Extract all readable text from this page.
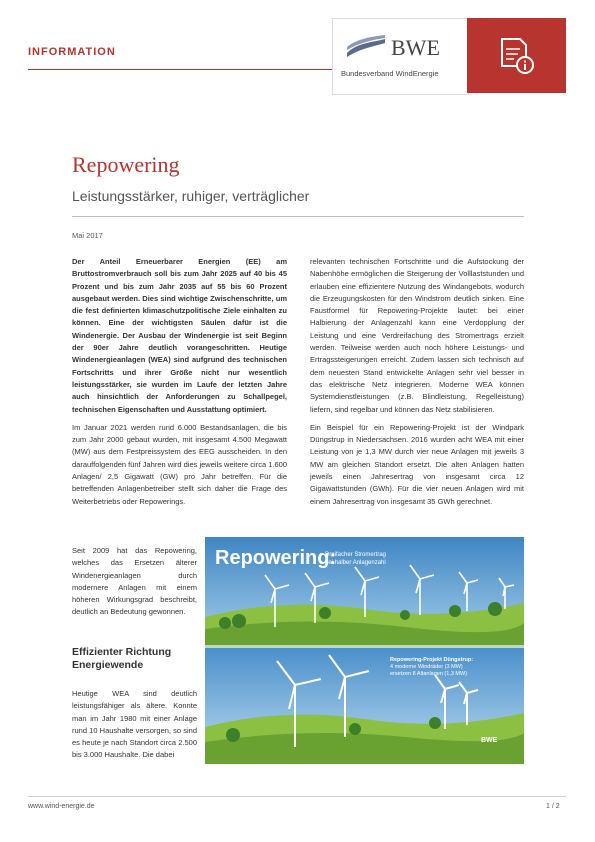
INFORMATION	BWE
Bundesverband WindEnergie
Repowering
Leistungsstärker, ruhiger, verträglicher
Mai 2017

Der Anteil Erneuerbarer Energien (EE) am Bruttostromverbrauch soll bis zum Jahr 2025 auf 40 bis 45 Prozent und bis zum Jahr 2035 auf 55 bis 60 Prozent ausgebaut werden. Dies sind wichtige Zwischenschritte, um die fest definierten klimaschutzpolitische Ziele einhalten zu können. Eine der wichtigsten Säulen dafür ist die Windenergie. Der Ausbau der Windenergie ist seit Beginn der 90er Jahre deutlich vorangeschritten. Heutige Windenergieanlagen (WEA) sind aufgrund des technischen Fortschritts und ihrer Größe nicht nur wesentlich leistungsstärker, sie wurden im Laufe der letzten Jahre auch hinsichtlich der Anforderungen zu Schallpegel, technischen Eigenschaften und Ausstattung optimiert.

Im Januar 2021 werden rund 6.000 Bestandsanlagen, die bis zum Jahr 2000 gebaut wurden, mit insgesamt 4.500 Megawatt (MW) aus dem Festpreissystem des EEG ausscheiden. In den darauffolgenden fünf Jahren wird dies jeweils weitere circa 1.600 Anlagen/ 2,5 Gigawatt (GW) pro Jahr betreffen. Für die betreffenden Anlagenbetreiber stellt sich daher die Frage des Weiterbetriebs oder Repowerings.

Seit 2009 hat das Repowering, welches das Ersetzen älterer Windenergieanlagen durch modernere Anlagen mit einem höheren Wirkungsgrad beschreibt, deutlich an Bedeutung gewonnen.

Effizienter Richtung Energiewende

Heutige WEA sind deutlich leistungsfähiger als ältere. Konnte man im Jahr 1980 mit einer Anlage rund 10 Haushalte versorgen, so sind es heute je nach Standort circa 2.500 bis 3.000 Haushalte. Die dabei

relevanten technischen Fortschritte und die Aufstockung der Nabenhöhe ermöglichen die Steigerung der Volllaststunden und erlauben eine effizientere Nutzung des Windangebots, wodurch die Erzeugungskosten für den Windstrom deutlich sinken. Eine Faustformel für Repowering-Projekte lautet: bei einer Halbierung der Anlagenzahl kann eine Verdopplung der Leistung und eine Verdreifachung des Stromertrags erzielt werden. Teilweise werden auch noch höhere Leistungs- und Ertragssteigerungen erreicht. Zudem lassen sich technisch auf dem neuesten Stand entwickelte Anlagen sehr viel besser in das elektrische Netz integrieren. Moderne WEA können Systemdienstleistungen (z.B. Blindleistung, Regelleistung) liefern, sind regelbar und können das Netz stabilisieren.

Ein Beispiel für ein Repowering-Projekt ist der Windpark Düngstrup in Niedersachsen. 2016 wurden acht WEA mit einer Leistung von je 1,3 MW durch vier neue Anlagen mit jeweils 3 MW am gleichen Standort ersetzt. Die alten Anlagen hatten jeweils einen Jahresertrag von insgesamt circa 12 Gigawattstunden (GWh). Für die vier neuen Anlagen wird mit einem Jahresertrag von insgesamt 35 GWh gerechnet.

Repowering:
Dreifacher Stromertrag
bei halber Anlagenzahl
Repowering-Projekt Düngstrup:
4 moderne Windräder (3 MW)
ersetzen 8 Altanlagen (1,3 MW)
BWE
www.wind-energie.de	1 / 2
